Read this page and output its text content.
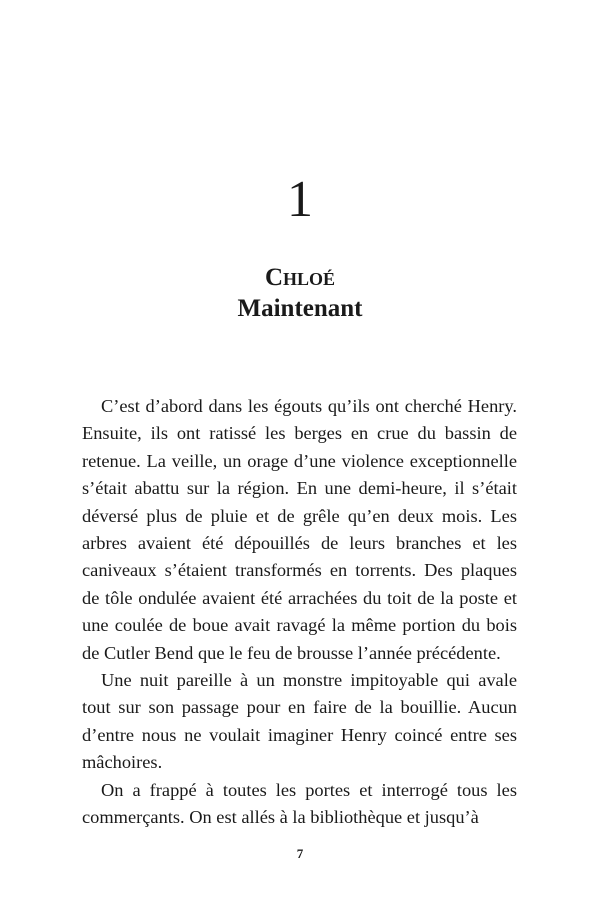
1
Chloé
Maintenant

C’est d’abord dans les égouts qu’ils ont cherché Henry. Ensuite, ils ont ratissé les berges en crue du bassin de retenue. La veille, un orage d’une violence exceptionnelle s’était abattu sur la région. En une demi-heure, il s’était déversé plus de pluie et de grêle qu’en deux mois. Les arbres avaient été dépouillés de leurs branches et les caniveaux s’étaient transformés en torrents. Des plaques de tôle ondulée avaient été arrachées du toit de la poste et une coulée de boue avait ravagé la même portion du bois de Cutler Bend que le feu de brousse l’année précédente.

Une nuit pareille à un monstre impitoyable qui avale tout sur son passage pour en faire de la bouillie. Aucun d’entre nous ne voulait imaginer Henry coincé entre ses mâchoires.

On a frappé à toutes les portes et interrogé tous les commerçants. On est allés à la bibliothèque et jusqu’à

7
